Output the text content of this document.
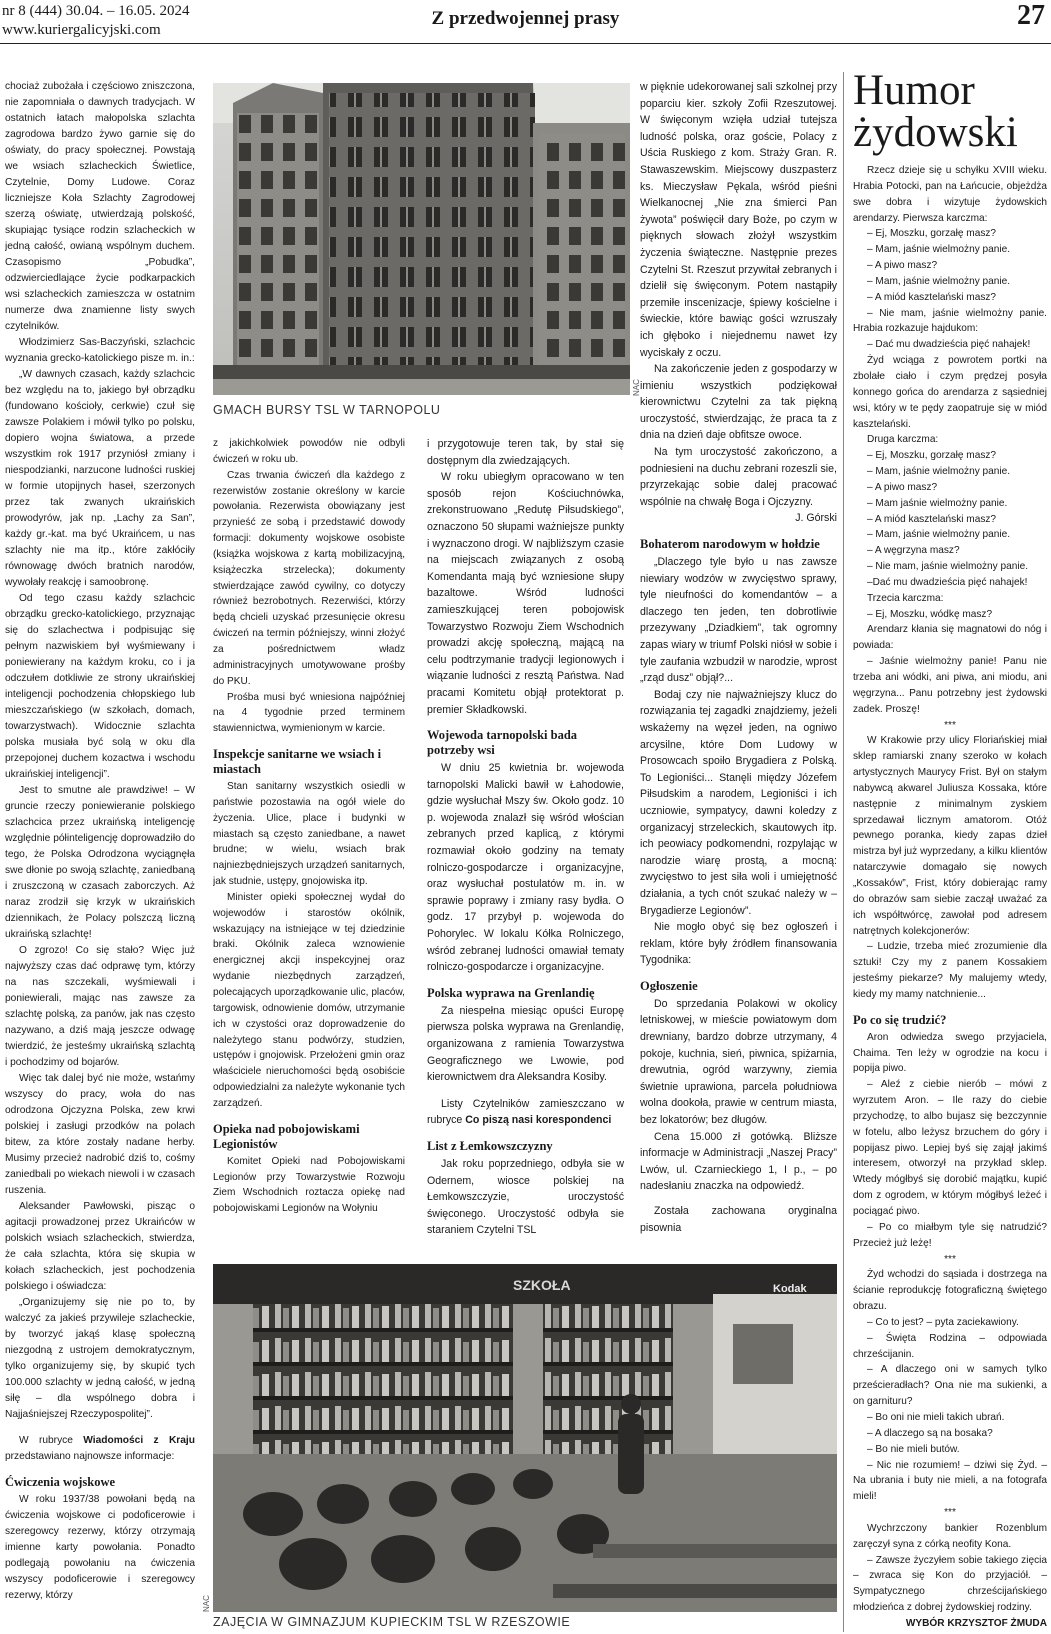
nr 8 (444) 30.04. – 16.05. 2024
www.kuriergalicyjski.com
Z przedwojennej prasy	27

chociaż zubożała i częściowo zniszczona, nie zapomniała o dawnych tradycjach. W ostatnich łatach małopolska szlachta zagrodowa bardzo żywo garnie się do oświaty, do pracy społecznej. Powstają we wsiach szlacheckich Świetlice, Czytelnie, Domy Ludowe. Coraz liczniejsze Koła Szlachty Zagrodowej szerzą oświatę, utwierdzają polskość, skupiając tysiące rodzin szlacheckich w jedną całość, owianą wspólnym duchem. Czasopismo „Pobudka”, odzwierciedlające życie podkarpackich wsi szlacheckich zamieszcza w ostatnim numerze dwa znamienne listy swych czytelników.

Włodzimierz Sas-Baczyński, szlachcic wyznania grecko-katolickiego pisze m. in.:

„W dawnych czasach, każdy szlachcic bez względu na to, jakiego był obrządku (fundowano kościoły, cerkwie) czuł się zawsze Polakiem i mówił tylko po polsku, dopiero wojna światowa, a przede wszystkim rok 1917 przyniósł zmiany i niespodzianki, narzucone ludności ruskiej w formie utopijnych haseł, szerzonych przez tak zwanych ukraińskich prowodyrów, jak np. „Lachy za San”, każdy gr.-kat. ma być Ukraińcem, u nas szlachty nie ma itp., które zakłóciły równowagę dwóch bratnich narodów, wywołały reakcję i samoobronę.

Od tego czasu każdy szlachcic obrządku grecko-katolickiego, przyznając się do szlachectwa i podpisując się pełnym nazwiskiem był wyśmiewany i poniewierany na każdym kroku, co i ja odczułem dotkliwie ze strony ukraińskiej inteligencji pochodzenia chłopskiego lub mieszczańskiego (w szkołach, domach, towarzystwach). Widocznie szlachta polska musiała być solą w oku dla przepojonej duchem kozactwa i wschodu ukraińskiej inteligencji”.

Jest to smutne ale prawdziwe! – W gruncie rzeczy poniewieranie polskiego szlachcica przez ukraińską inteligencję względnie półinteligencję doprowadziło do tego, że Polska Odrodzona wyciągnęła swe dłonie po swoją szlachtę, zaniedbaną i zruszczoną w czasach zaborczych. Aż naraz zrodził się krzyk w ukraińskich dziennikach, że Polacy polszczą liczną ukraińską szlachtę!

O zgrozo! Co się stało? Więc już najwyższy czas dać odprawę tym, którzy na nas szczekali, wyśmiewali i poniewierali, mając nas zawsze za szlachtę polską, za panów, jak nas często nazywano, a dziś mają jeszcze odwagę twierdzić, że jesteśmy ukraińską szlachtą i pochodzimy od bojarów.

Więc tak dalej być nie może, wstańmy wszyscy do pracy, woła do nas odrodzona Ojczyzna Polska, zew krwi polskiej i zasługi przodków na polach bitew, za które zostały nadane herby. Musimy przecież nadrobić dziś to, cośmy zaniedbali po wiekach niewoli i w czasach ruszenia.

Aleksander Pawłowski, pisząc o agitacji prowadzonej przez Ukraińców w polskich wsiach szlacheckich, stwierdza, że cała szlachta, która się skupia w kołach szlacheckich, jest pochodzenia polskiego i oświadcza:

„Organizujemy się nie po to, by walczyć za jakieś przywileje szlacheckie, by tworzyć jakąś klasę społeczną niezgodną z ustrojem demokratycznym, tylko organizujemy się, by skupić tych 100.000 szlachty w jedną całość, w jedną siłę – dla wspólnego dobra i Najjaśniejszej Rzeczypospolitej”.

W rubryce Wiadomości z Kraju przedstawiano najnowsze informacje:

Ćwiczenia wojskowe

W roku 1937/38 powołani będą na ćwiczenia wojskowe ci podoficerowie i szeregowcy rezerwy, którzy otrzymają imienne karty powołania. Ponadto podlegają powołaniu na ćwiczenia wszyscy podoficerowie i szeregowcy rezerwy, którzy

GMACH BURSY TSL W TARNOPOLU
NAC

z jakichkolwiek powodów nie odbyli ćwiczeń w roku ub.

Czas trwania ćwiczeń dla każdego z rezerwistów zostanie określony w karcie powołania. Rezerwista obowiązany jest przynieść ze sobą i przedstawić dowody formacji: dokumenty wojskowe osobiste (książka wojskowa z kartą mobilizacyjną, książeczka strzelecka); dokumenty stwierdzające zawód cywilny, co dotyczy również bezrobotnych. Rezerwiści, którzy będą chcieli uzyskać przesunięcie okresu ćwiczeń na termin późniejszy, winni złożyć za pośrednictwem władz administracyjnych umotywowane prośby do PKU.

Prośba musi być wniesiona najpóźniej na 4 tygodnie przed terminem stawiennictwa, wymienionym w karcie.

Inspekcje sanitarne we wsiach i miastach

Stan sanitarny wszystkich osiedli w państwie pozostawia na ogół wiele do życzenia. Ulice, place i budynki w miastach są często zaniedbane, a nawet brudne; w wielu, wsiach brak najniezbędniejszych urządzeń sanitarnych, jak studnie, ustępy, gnojowiska itp.

Minister opieki społecznej wydał do wojewodów i starostów okólnik, wskazujący na istniejące w tej dziedzinie braki. Okólnik zaleca wznowienie energicznej akcji inspekcyjnej oraz wydanie niezbędnych zarządzeń, polecających uporządkowanie ulic, placów, targowisk, odnowienie domów, utrzymanie ich w czystości oraz doprowadzenie do należytego stanu podwórzy, studzien, ustępów i gnojowisk. Przełożeni gmin oraz właściciele nieruchomości będą osobiście odpowiedzialni za należyte wykonanie tych zarządzeń.

Opieka nad pobojowiskami Legionistów

Komitet Opieki nad Pobojowiskami Legionów przy Towarzystwie Rozwoju Ziem Wschodnich roztacza opiekę nad pobojowiskami Legionów na Wołyniu

i przygotowuje teren tak, by stał się dostępnym dla zwiedzających.

W roku ubiegłym opracowano w ten sposób rejon Kościuchnówka, zrekonstruowano „Redutę Piłsudskiego”, oznaczono 50 słupami ważniejsze punkty i wyznaczono drogi. W najbliższym czasie na miejscach związanych z osobą Komendanta mają być wzniesione słupy bazaltowe. Wśród ludności zamieszkującej teren pobojowisk Towarzystwo Rozwoju Ziem Wschodnich prowadzi akcję społeczną, mającą na celu podtrzymanie tradycji legionowych i wiązanie ludności z resztą Państwa. Nad pracami Komitetu objął protektorat p. premier Składkowski.

Wojewoda tarnopolski bada potrzeby wsi

W dniu 25 kwietnia br. wojewoda tarnopolski Malicki bawił w Łahodowie, gdzie wysłuchał Mszy św. Około godz. 10 p. wojewoda znalazł się wśród włościan zebranych przed kaplicą, z którymi rozmawiał około godziny na tematy rolniczo-gospodarcze i organizacyjne, oraz wysłuchał postulatów m. in. w sprawie poprawy i zmiany rasy bydła. O godz. 17 przybył p. wojewoda do Pohorylec. W lokalu Kółka Rolniczego, wśród zebranej ludności omawiał tematy rolniczo-gospodarcze i organizacyjne.

Polska wyprawa na Grenlandię

Za niespełna miesiąc opuści Europę pierwsza polska wyprawa na Grenlandię, organizowana z ramienia Towarzystwa Geograficznego we Lwowie, pod kierownictwem dra Aleksandra Kosiby.

Listy Czytelników zamieszczano w rubryce Co piszą nasi korespondenci

List z Łemkowszczyzny

Jak roku poprzedniego, odbyła sie w Odernem, wiosce polskiej na Łemkowszczyzie, uroczystość święconego. Uroczystość odbyła sie staraniem Czytelni TSL

w pięknie udekorowanej sali szkolnej przy poparciu kier. szkoły Zofii Rzeszutowej. W święconym wzięła udział tutejsza ludność polska, oraz goście, Polacy z Uścia Ruskiego z kom. Straży Gran. R. Stawaszewskim. Miejscowy duszpasterz ks. Mieczysław Pękala, wśród pieśni Wielkanocnej „Nie zna śmierci Pan żywota” poświęcił dary Boże, po czym w pięknych słowach złożył wszystkim życzenia świąteczne. Następnie prezes Czytelni St. Rzeszut przywitał zebranych i dzielił się święconym. Potem nastąpiły przemiłe inscenizacje, śpiewy kościelne i świeckie, które bawiąc gości wzruszały ich głęboko i niejednemu nawet łzy wyciskały z oczu.

Na zakończenie jeden z gospodarzy w imieniu wszystkich podziękował kierownictwu Czytelni za tak piękną uroczystość, stwierdzając, że praca ta z dnia na dzień daje obfitsze owoce.

Na tym uroczystość zakończono, a podniesieni na duchu zebrani rozeszli sie, przyrzekając sobie dalej pracować wspólnie na chwałę Boga i Ojczyzny.

J. Górski

Bohaterom narodowym w hołdzie

„Dlaczego tyle było u nas zawsze niewiary wodzów w zwycięstwo sprawy, tyle nieufności do komendantów – a dlaczego ten jeden, ten dobrotliwie przezywany „Dziadkiem”, tak ogromny zapas wiary w triumf Polski niósł w sobie i tyle zaufania wzbudził w narodzie, wprost „rząd dusz” objął?...

Bodaj czy nie najważniejszy klucz do rozwiązania tej zagadki znajdziemy, jeżeli wskażemy na węzeł jeden, na ogniwo arcysilne, które Dom Ludowy w Prosowcach spoiło Brygadiera z Polską. To Legioniści... Stanęli między Józefem Piłsudskim a narodem, Legioniści i ich uczniowie, sympatycy, dawni koledzy z organizacyj strzeleckich, skautowych itp. ich peowiacy podkomendni, rozpylając w narodzie wiarę prostą, a mocną: zwycięstwo to jest siła woli i umiejętność działania, a tych cnót szukać należy w – Brygadierze Legionów”.

Nie mogło obyć się bez ogłoszeń i reklam, które były źródłem finansowania Tygodnika:

Ogłoszenie

Do sprzedania Polakowi w okolicy letniskowej, w mieście powiatowym dom drewniany, bardzo dobrze utrzymany, 4 pokoje, kuchnia, sień, piwnica, spiżarnia, drewutnia, ogród warzywny, ziemia świetnie uprawiona, parcela południowa wolna dookoła, prawie w centrum miasta, bez lokatorów; bez długów.

Cena 15.000 zł gotówką. Bliższe informacje w Administracji „Naszej Pracy” Lwów, ul. Czarnieckiego 1, I p., – po nadesłaniu znaczka na odpowiedź.

Została zachowana oryginalna pisownia

Kodak
SZKOŁA
ZAJĘCIA W GIMNAZJUM KUPIECKIM TSL W RZESZOWIE
NAC
Humor
żydowski

Rzecz dzieje się u schyłku XVIII wieku. Hrabia Potocki, pan na Łańcucie, objeżdża swe dobra i wizytuje żydowskich arendarzy. Pierwsza karczma:

– Ej, Moszku, gorzałę masz?

– Mam, jaśnie wielmożny panie.

– A piwo masz?

– Mam, jaśnie wielmożny panie.

– A miód kasztelański masz?

– Nie mam, jaśnie wielmożny panie. Hrabia rozkazuje hajdukom:

– Dać mu dwadzieścia pięć nahajek!

Żyd wciąga z powrotem portki na zbolałe ciało i czym prędzej posyła konnego gońca do arendarza z sąsiedniej wsi, który w te pędy zaopatruje się w miód kasztelański.

Druga karczma:

– Ej, Moszku, gorzałę masz?

– Mam, jaśnie wielmożny panie.

– A piwo masz?

– Mam jaśnie wielmożny panie.

– A miód kasztelański masz?

– Mam, jaśnie wielmożny panie.

– A węgrzyna masz?

– Nie mam, jaśnie wielmożny panie.

–Dać mu dwadzieścia pięć nahajek!

Trzecia karczma:

– Ej, Moszku, wódkę masz?

Arendarz kłania się magnatowi do nóg i powiada:

– Jaśnie wielmożny panie! Panu nie trzeba ani wódki, ani piwa, ani miodu, ani węgrzyna... Panu potrzebny jest żydowski zadek. Proszę!

***

W Krakowie przy ulicy Floriańskiej miał sklep ramiarski znany szeroko w kołach artystycznych Maurycy Frist. Był on stałym nabywcą akwarel Juliusza Kossaka, które następnie z minimalnym zyskiem sprzedawał licznym amatorom. Otóż pewnego poranka, kiedy zapas dzieł mistrza był już wyprzedany, a kilku klientów natarczywie domagało się nowych „Kossaków”, Frist, który dobierając ramy do obrazów sam siebie zaczął uważać za ich współtwórcę, zawołał pod adresem natrętnych kolekcjonerów:

– Ludzie, trzeba mieć zrozumienie dla sztuki! Czy my z panem Kossakiem jesteśmy piekarze? My malujemy wtedy, kiedy my mamy natchnienie...

Po co się trudzić?

Aron odwiedza swego przyjaciela, Chaima. Ten leży w ogrodzie na kocu i popija piwo.

– Aleź z ciebie nierób – mówi z wyrzutem Aron. – Ile razy do ciebie przychodzę, to albo bujasz się bezczynnie w fotelu, albo leżysz brzuchem do góry i popijasz piwo. Lepiej byś się zajął jakimś interesem, otworzył na przykład sklep. Wtedy mógłbyś się dorobić majątku, kupić dom z ogrodem, w którym mógłbyś leżeć i pociągać piwo.

– Po co miałbym tyle się natrudzić? Przecież już leżę!

***

Żyd wchodzi do sąsiada i dostrzega na ścianie reprodukcję fotograficzną świętego obrazu.

– Co to jest? – pyta zaciekawiony.

– Święta Rodzina – odpowiada chrześcijanin.

– A dlaczego oni w samych tylko prześcieradłach? Ona nie ma sukienki, a on garnituru?

– Bo oni nie mieli takich ubrań.

– A dlaczego są na bosaka?

– Bo nie mieli butów.

– Nic nie rozumiem! – dziwi się Żyd. – Na ubrania i buty nie mieli, a na fotografa mieli!

***

Wychrzczony bankier Rozenblum zaręczył syna z córką neofity Kona.

– Zawsze życzyłem sobie takiego zięcia – zwraca się Kon do przyjaciół. – Sympatycznego chrześcijańskiego młodzieńca z dobrej żydowskiej rodziny.

WYBÓR KRZYSZTOF ŻMUDA
